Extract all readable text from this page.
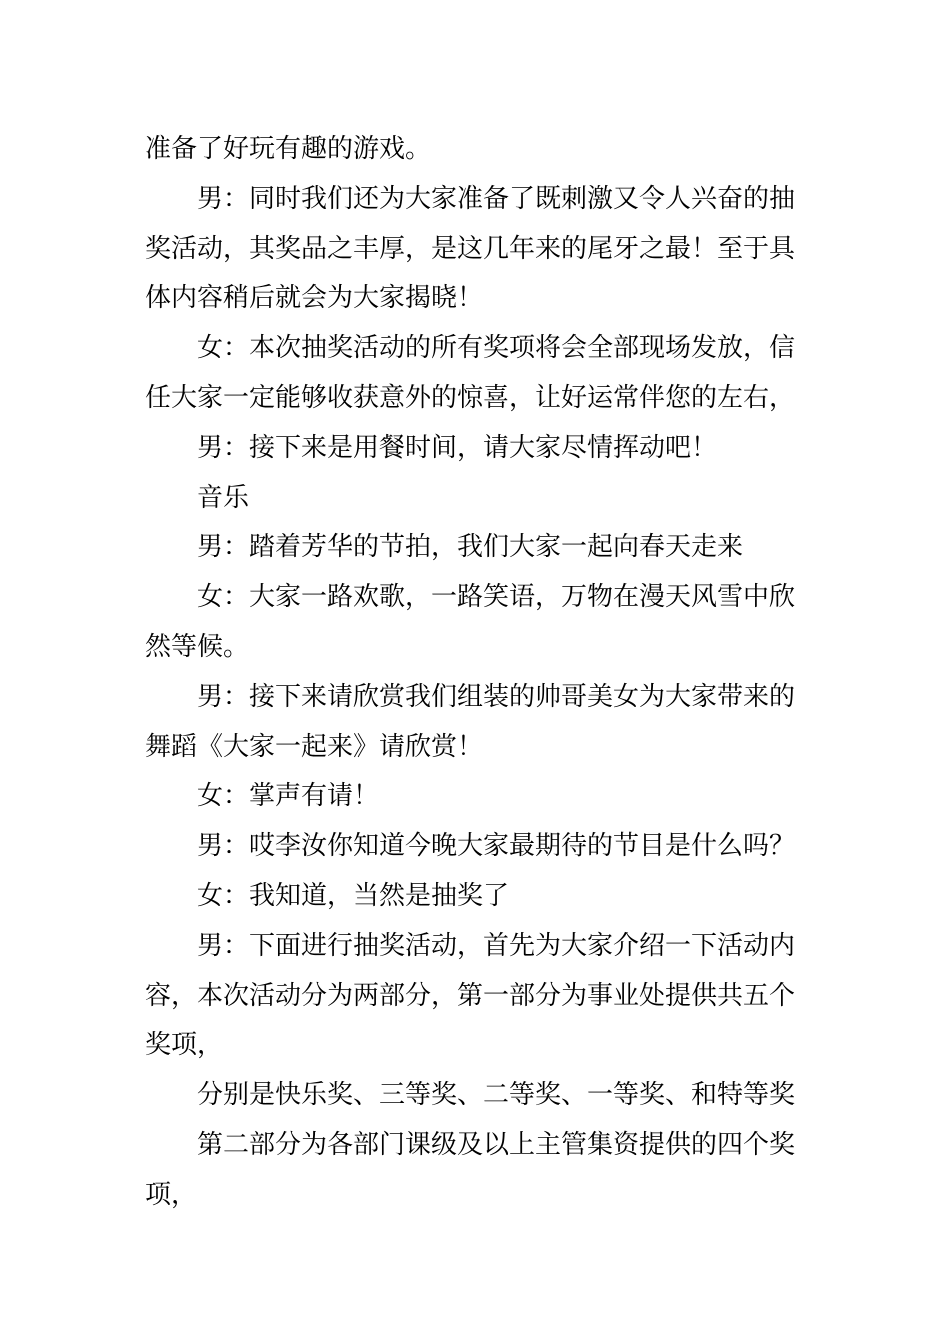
准备了好玩有趣的游戏。
男：同时我们还为大家准备了既刺激又令人兴奋的抽
奖活动，其奖品之丰厚，是这几年来的尾牙之最！至于具
体内容稍后就会为大家揭晓！
女：本次抽奖活动的所有奖项将会全部现场发放，信
任大家一定能够收获意外的惊喜，让好运常伴您的左右，
男：接下来是用餐时间，请大家尽情挥动吧！
音乐
男：踏着芳华的节拍，我们大家一起向春天走来
女：大家一路欢歌，一路笑语，万物在漫天风雪中欣
然等候。
男：接下来请欣赏我们组装的帅哥美女为大家带来的
舞蹈《大家一起来》请欣赏！
女：掌声有请！
男：哎李汝你知道今晚大家最期待的节目是什么吗？
女：我知道，当然是抽奖了
男：下面进行抽奖活动，首先为大家介绍一下活动内
容，本次活动分为两部分，第一部分为事业处提供共五个
奖项，
分别是快乐奖、三等奖、二等奖、一等奖、和特等奖
第二部分为各部门课级及以上主管集资提供的四个奖
项，
